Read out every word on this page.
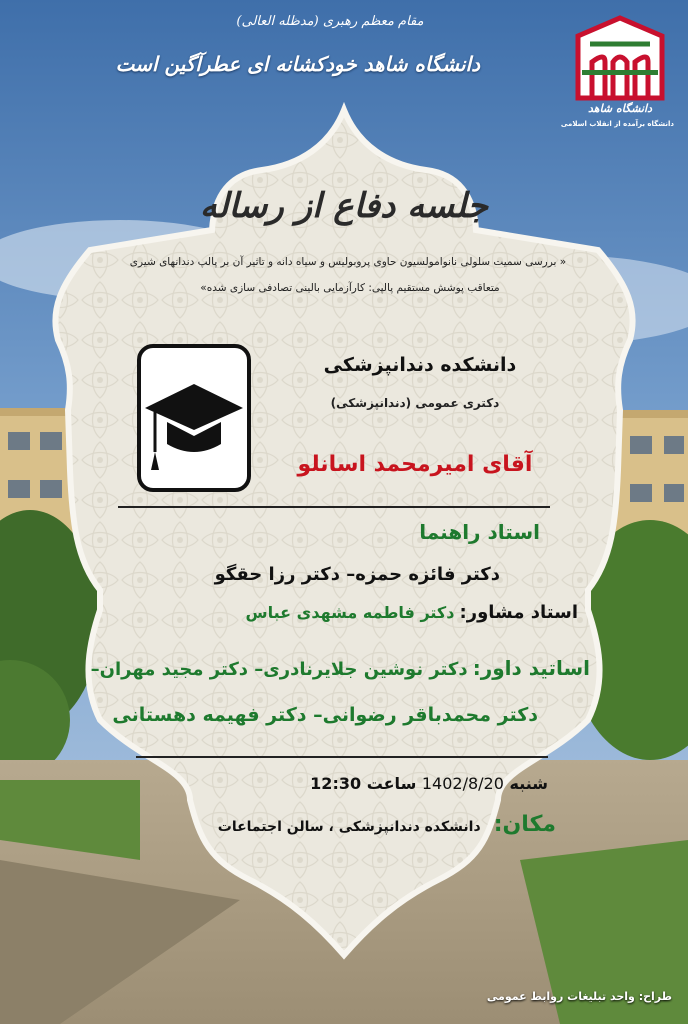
مقام معظم رهبری (مدظله العالی)
دانشگاه شاهد خودکشانه ای عطرآگین است
دانشگاه شاهد
دانشگاه برآمده از انقلاب اسلامی
جلسه دفاع از رساله
« بررسی سمیت سلولی نانوامولسیون حاوی پروبولیس و سیاه دانه و تاثیر آن بر پالپ دندانهای شیری
متعاقب پوشش مستقیم پالپی: کارآزمایی بالینی تصادفی سازی شده»
دانشکده دندانپزشکی
دکتری عمومی (دندانپزشکی)
آقای امیرمحمد اسانلو
استاد راهنما
دکتر فائزه حمزه– دکتر رزا حقگو
استاد مشاور: دکتر فاطمه مشهدی عباس
اساتید داور: دکتر نوشین جلایرنادری– دکتر مجید مهران–
دکتر محمدباقر رضوانی– دکتر فهیمه دهستانی
شنبه 1402/8/20 ساعت 12:30
مکان: دانشکده دندانپزشکی ، سالن اجتماعات
طراح: واحد تبلیغات روابط عمومی
